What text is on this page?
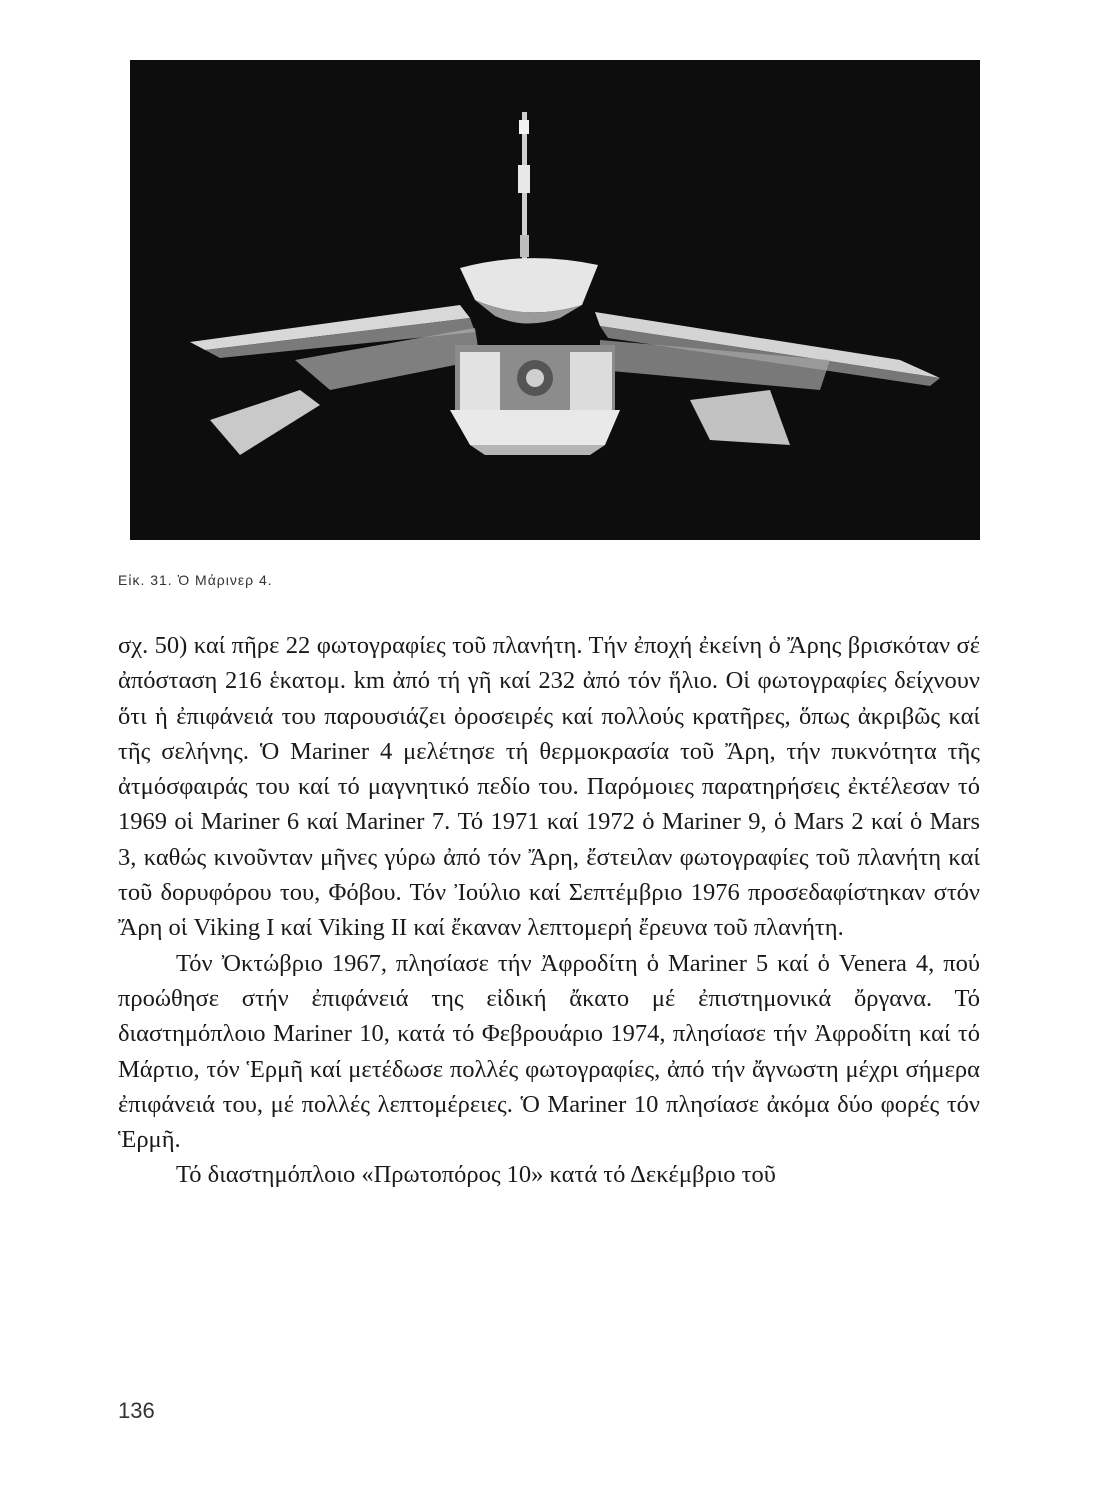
Εἰκ. 31. Ὁ Μάρινερ 4.

σχ. 50) καί πῆρε 22 φωτογραφίες τοῦ πλανήτη. Τήν ἐποχή ἐκείνη ὁ Ἄρης βρισκόταν σέ ἀπόσταση 216 ἑκατομ. km ἀπό τή γῆ καί 232 ἀπό τόν ἥλιο. Οἱ φωτογραφίες δείχνουν ὅτι ἡ ἐπιφάνειά του παρουσιάζει ὀροσειρές καί πολλούς κρατῆρες, ὅπως ἀκριβῶς καί τῆς σελήνης. Ὁ Mariner 4 μελέτησε τή θερμοκρασία τοῦ Ἄρη, τήν πυκνότητα τῆς ἀτμόσφαιράς του καί τό μαγνητικό πεδίο του. Παρόμοιες παρατηρήσεις ἐκτέλεσαν τό 1969 οἱ Mariner 6 καί Mariner 7. Τό 1971 καί 1972 ὁ Mariner 9, ὁ Mars 2 καί ὁ Mars 3, καθώς κινοῦνταν μῆνες γύρω ἀπό τόν Ἄρη, ἔστειλαν φωτογραφίες τοῦ πλανήτη καί τοῦ δορυφόρου του, Φόβου. Τόν Ἰούλιο καί Σεπτέμβριο 1976 προσεδαφίστηκαν στόν Ἄρη οἱ Viking I καί Viking II καί ἔκαναν λεπτομερή ἔρευνα τοῦ πλανήτη.

Τόν Ὀκτώβριο 1967, πλησίασε τήν Ἀφροδίτη ὁ Mariner 5 καί ὁ Venera 4, πού προώθησε στήν ἐπιφάνειά της εἰδική ἄκατο μέ ἐπιστημονικά ὄργανα. Τό διαστημόπλοιο Mariner 10, κατά τό Φεβρουάριο 1974, πλησίασε τήν Ἀφροδίτη καί τό Μάρτιο, τόν Ἑρμῆ καί μετέδωσε πολλές φωτογραφίες, ἀπό τήν ἄγνωστη μέχρι σήμερα ἐπιφάνειά του, μέ πολλές λεπτομέρειες. Ὁ Mariner 10 πλησίασε ἀκόμα δύο φορές τόν Ἑρμῆ.

Τό διαστημόπλοιο «Πρωτοπόρος 10» κατά τό Δεκέμβριο τοῦ

136
